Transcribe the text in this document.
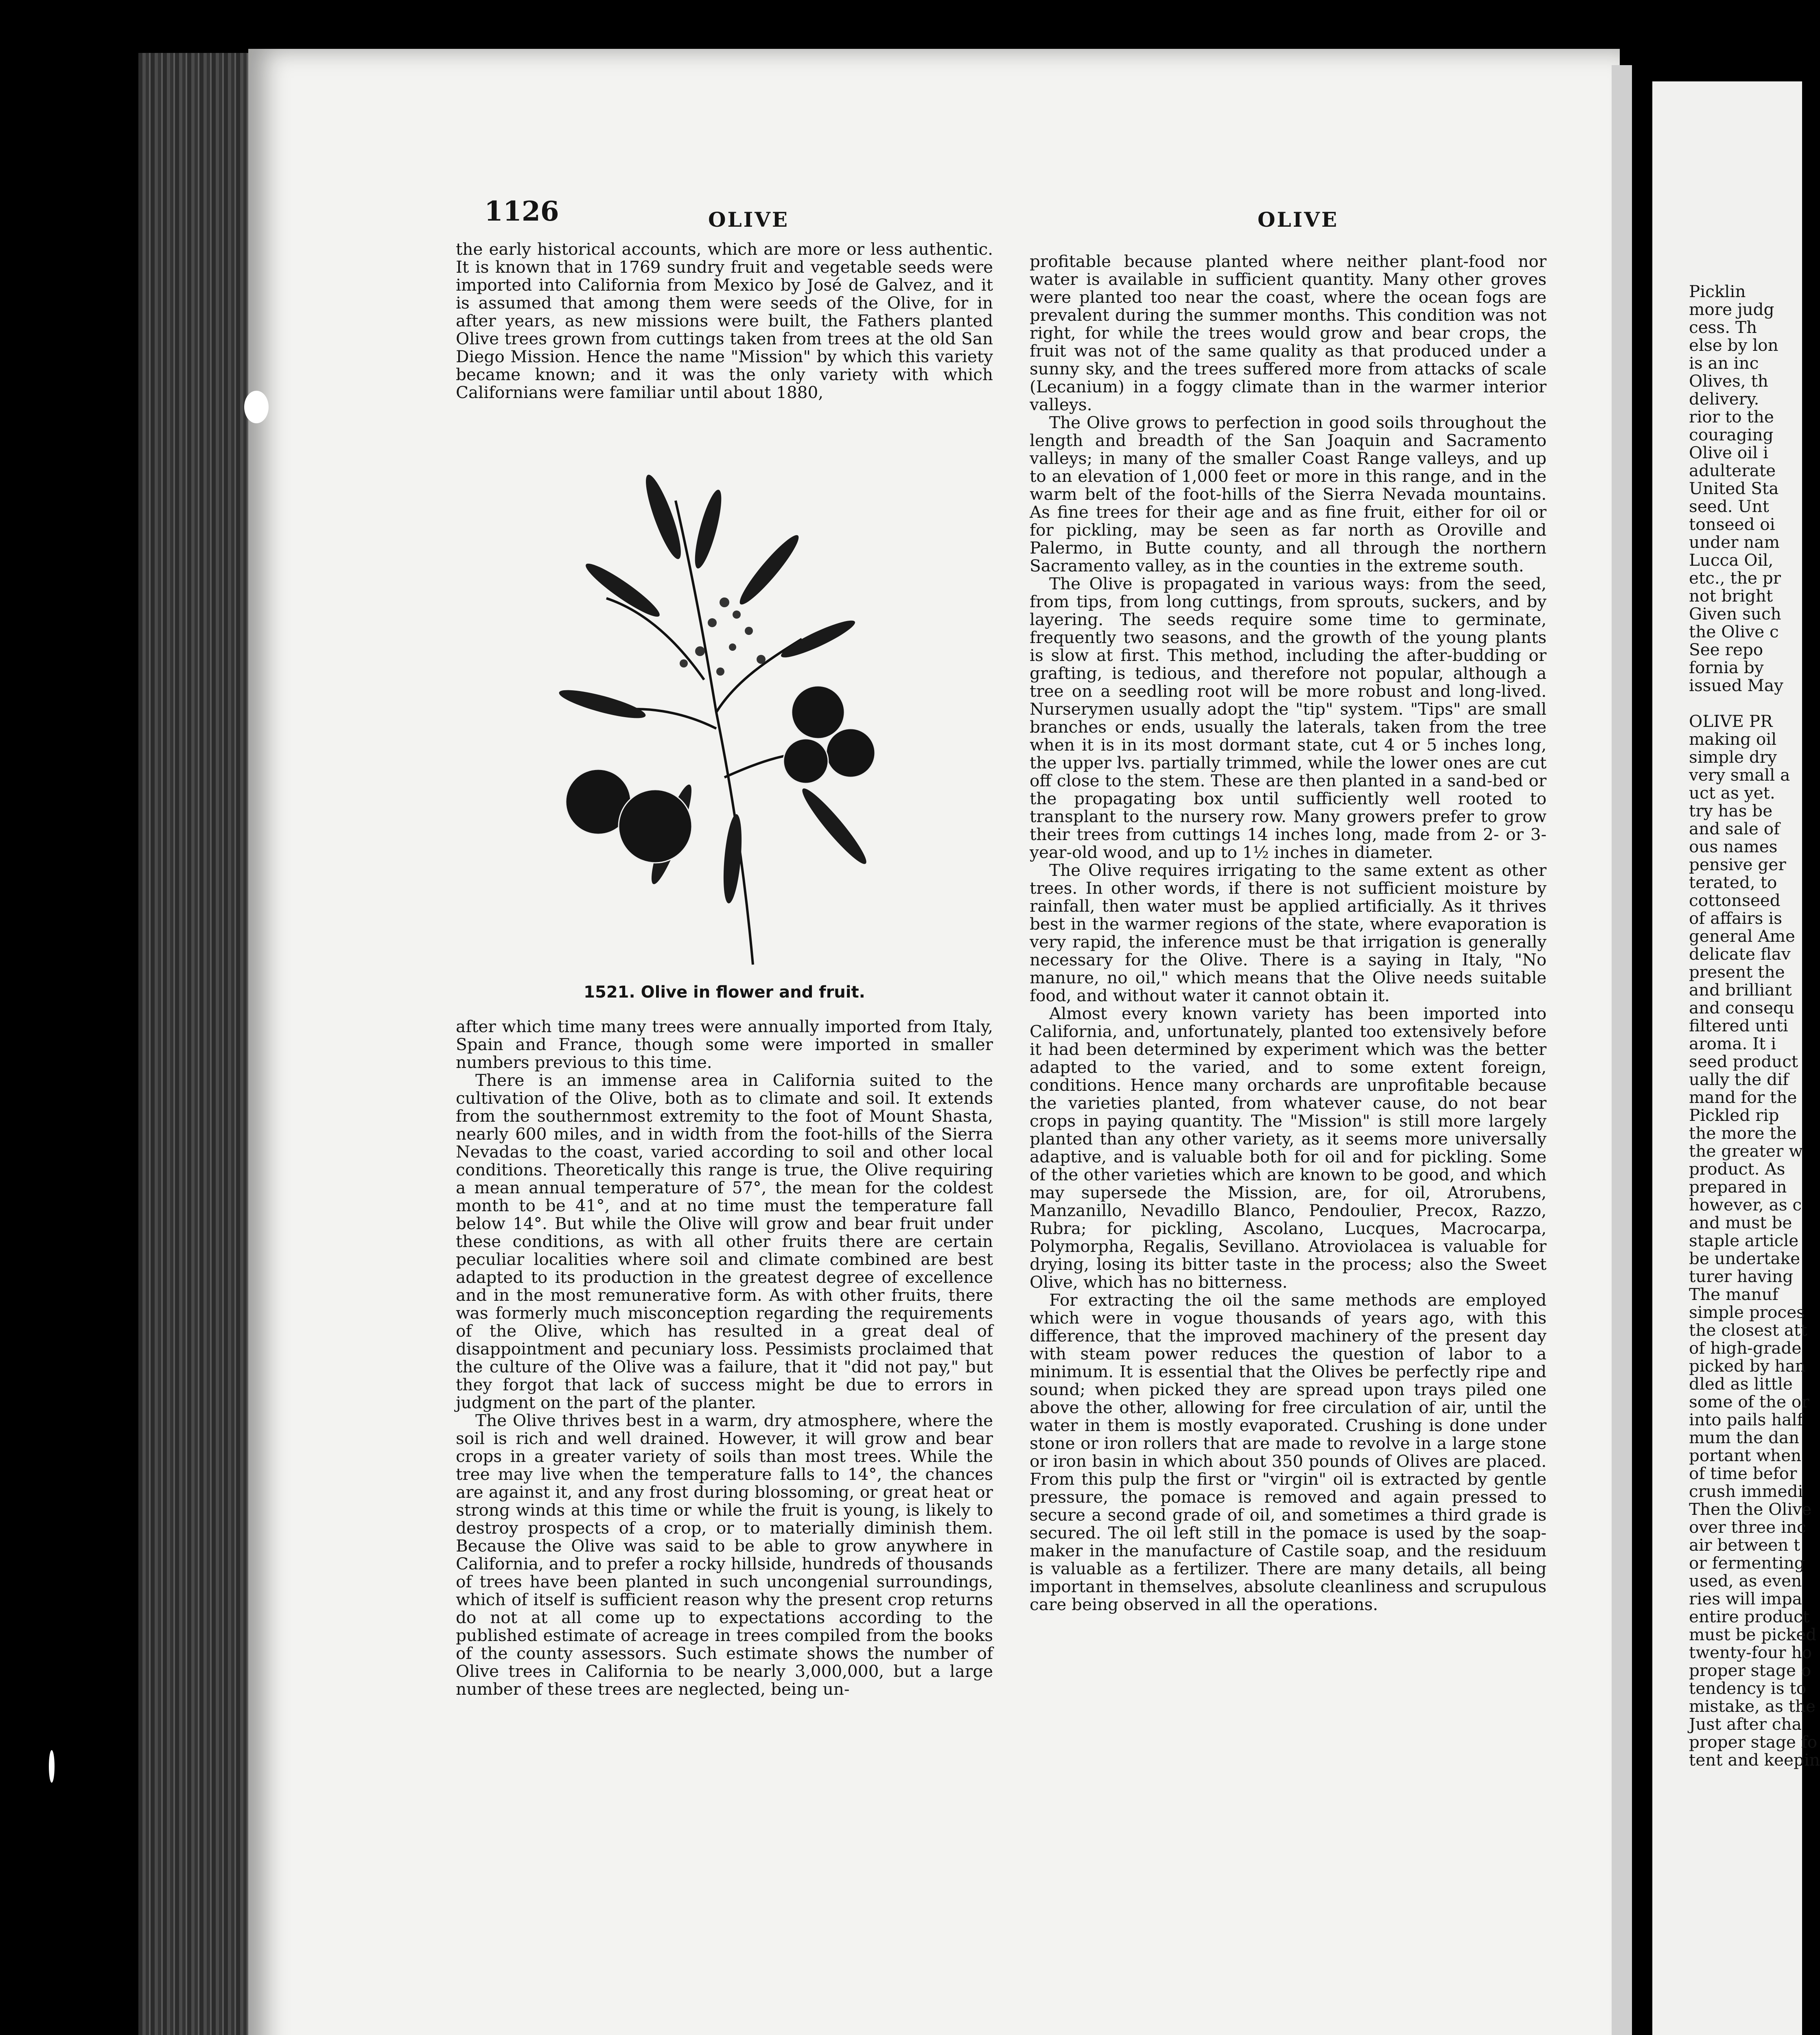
1126	OLIVE	OLIVE

the early historical accounts, which are more or less authentic. It is known that in 1769 sundry fruit and vegetable seeds were imported into California from Mexico by José de Galvez, and it is assumed that among them were seeds of the Olive, for in after years, as new missions were built, the Fathers planted Olive trees grown from cuttings taken from trees at the old San Diego Mission. Hence the name "Mission" by which this variety became known; and it was the only variety with which Californians were familiar until about 1880,

1521. Olive in flower and fruit.

after which time many trees were annually imported from Italy, Spain and France, though some were imported in smaller numbers previous to this time.

There is an immense area in California suited to the cultivation of the Olive, both as to climate and soil. It extends from the southernmost extremity to the foot of Mount Shasta, nearly 600 miles, and in width from the foot-hills of the Sierra Nevadas to the coast, varied according to soil and other local conditions. Theoretically this range is true, the Olive requiring a mean annual temperature of 57°, the mean for the coldest month to be 41°, and at no time must the temperature fall below 14°. But while the Olive will grow and bear fruit under these conditions, as with all other fruits there are certain peculiar localities where soil and climate combined are best adapted to its production in the greatest degree of excellence and in the most remunerative form. As with other fruits, there was formerly much misconception regarding the requirements of the Olive, which has resulted in a great deal of disappointment and pecuniary loss. Pessimists proclaimed that the culture of the Olive was a failure, that it "did not pay," but they forgot that lack of success might be due to errors in judgment on the part of the planter.

The Olive thrives best in a warm, dry atmosphere, where the soil is rich and well drained. However, it will grow and bear crops in a greater variety of soils than most trees. While the tree may live when the temperature falls to 14°, the chances are against it, and any frost during blossoming, or great heat or strong winds at this time or while the fruit is young, is likely to destroy prospects of a crop, or to materially diminish them. Because the Olive was said to be able to grow anywhere in California, and to prefer a rocky hillside, hundreds of thousands of trees have been planted in such uncongenial surroundings, which of itself is sufficient reason why the present crop returns do not at all come up to expectations according to the published estimate of acreage in trees compiled from the books of the county assessors. Such estimate shows the number of Olive trees in California to be nearly 3,000,000, but a large number of these trees are neglected, being un-

profitable because planted where neither plant-food nor water is available in sufficient quantity. Many other groves were planted too near the coast, where the ocean fogs are prevalent during the summer months. This condition was not right, for while the trees would grow and bear crops, the fruit was not of the same quality as that produced under a sunny sky, and the trees suffered more from attacks of scale (Lecanium) in a foggy climate than in the warmer interior valleys.

The Olive grows to perfection in good soils throughout the length and breadth of the San Joaquin and Sacramento valleys; in many of the smaller Coast Range valleys, and up to an elevation of 1,000 feet or more in this range, and in the warm belt of the foot-hills of the Sierra Nevada mountains. As fine trees for their age and as fine fruit, either for oil or for pickling, may be seen as far north as Oroville and Palermo, in Butte county, and all through the northern Sacramento valley, as in the counties in the extreme south.

The Olive is propagated in various ways: from the seed, from tips, from long cuttings, from sprouts, suckers, and by layering. The seeds require some time to germinate, frequently two seasons, and the growth of the young plants is slow at first. This method, including the after-budding or grafting, is tedious, and therefore not popular, although a tree on a seedling root will be more robust and long-lived. Nurserymen usually adopt the "tip" system. "Tips" are small branches or ends, usually the laterals, taken from the tree when it is in its most dormant state, cut 4 or 5 inches long, the upper lvs. partially trimmed, while the lower ones are cut off close to the stem. These are then planted in a sand-bed or the propagating box until sufficiently well rooted to transplant to the nursery row. Many growers prefer to grow their trees from cuttings 14 inches long, made from 2- or 3-year-old wood, and up to 1½ inches in diameter.

The Olive requires irrigating to the same extent as other trees. In other words, if there is not sufficient moisture by rainfall, then water must be applied artificially. As it thrives best in the warmer regions of the state, where evaporation is very rapid, the inference must be that irrigation is generally necessary for the Olive. There is a saying in Italy, "No manure, no oil," which means that the Olive needs suitable food, and without water it cannot obtain it.

Almost every known variety has been imported into California, and, unfortunately, planted too extensively before it had been determined by experiment which was the better adapted to the varied, and to some extent foreign, conditions. Hence many orchards are unprofitable because the varieties planted, from whatever cause, do not bear crops in paying quantity. The "Mission" is still more largely planted than any other variety, as it seems more universally adaptive, and is valuable both for oil and for pickling. Some of the other varieties which are known to be good, and which may supersede the Mission, are, for oil, Atrorubens, Manzanillo, Nevadillo Blanco, Pendoulier, Precox, Razzo, Rubra; for pickling, Ascolano, Lucques, Macrocarpa, Polymorpha, Regalis, Sevillano. Atroviolacea is valuable for drying, losing its bitter taste in the process; also the Sweet Olive, which has no bitterness.

For extracting the oil the same methods are employed which were in vogue thousands of years ago, with this difference, that the improved machinery of the present day with steam power reduces the question of labor to a minimum. It is essential that the Olives be perfectly ripe and sound; when picked they are spread upon trays piled one above the other, allowing for free circulation of air, until the water in them is mostly evaporated. Crushing is done under stone or iron rollers that are made to revolve in a large stone or iron basin in which about 350 pounds of Olives are placed. From this pulp the first or "virgin" oil is extracted by gentle pressure, the pomace is removed and again pressed to secure a second grade of oil, and sometimes a third grade is secured. The oil left still in the pomace is used by the soap-maker in the manufacture of Castile soap, and the residuum is valuable as a fertilizer. There are many details, all being important in themselves, absolute cleanliness and scrupulous care being observed in all the operations.

Picklin
more judg
cess. Th
else by lon
is an inc
Olives, th
delivery.
rior to the
couraging
Olive oil i
adulterate
United Sta
seed. Unt
tonseed oi
under nam
Lucca Oil,
etc., the pr
not bright
Given such
the Olive c
See repo
fornia by
issued May
OLIVE PR
making oil
simple dry
very small a
uct as yet.
try has be
and sale of
ous names
pensive ger
terated, to
cottonseed
of affairs is
general Ame
delicate flav
present the
and brilliant
and consequ
filtered unti
aroma. It i
seed product
ually the dif
mand for the
Pickled rip
the more the
the greater w
product. As
prepared in
however, as c
and must be
staple article
be undertake
turer having
The manuf
simple proces
the closest att
of high-grade
picked by han
dled as little
some of the or
into pails half
mum the dan
portant when
of time befor
crush immedi
Then the Olive
over three inc
air between t
or fermenting
used, as even
ries will impa
entire product
must be picked
twenty-four ho
proper stage o
tendency is to
mistake, as the
Just after cha
proper stage fo
tent and keepin
